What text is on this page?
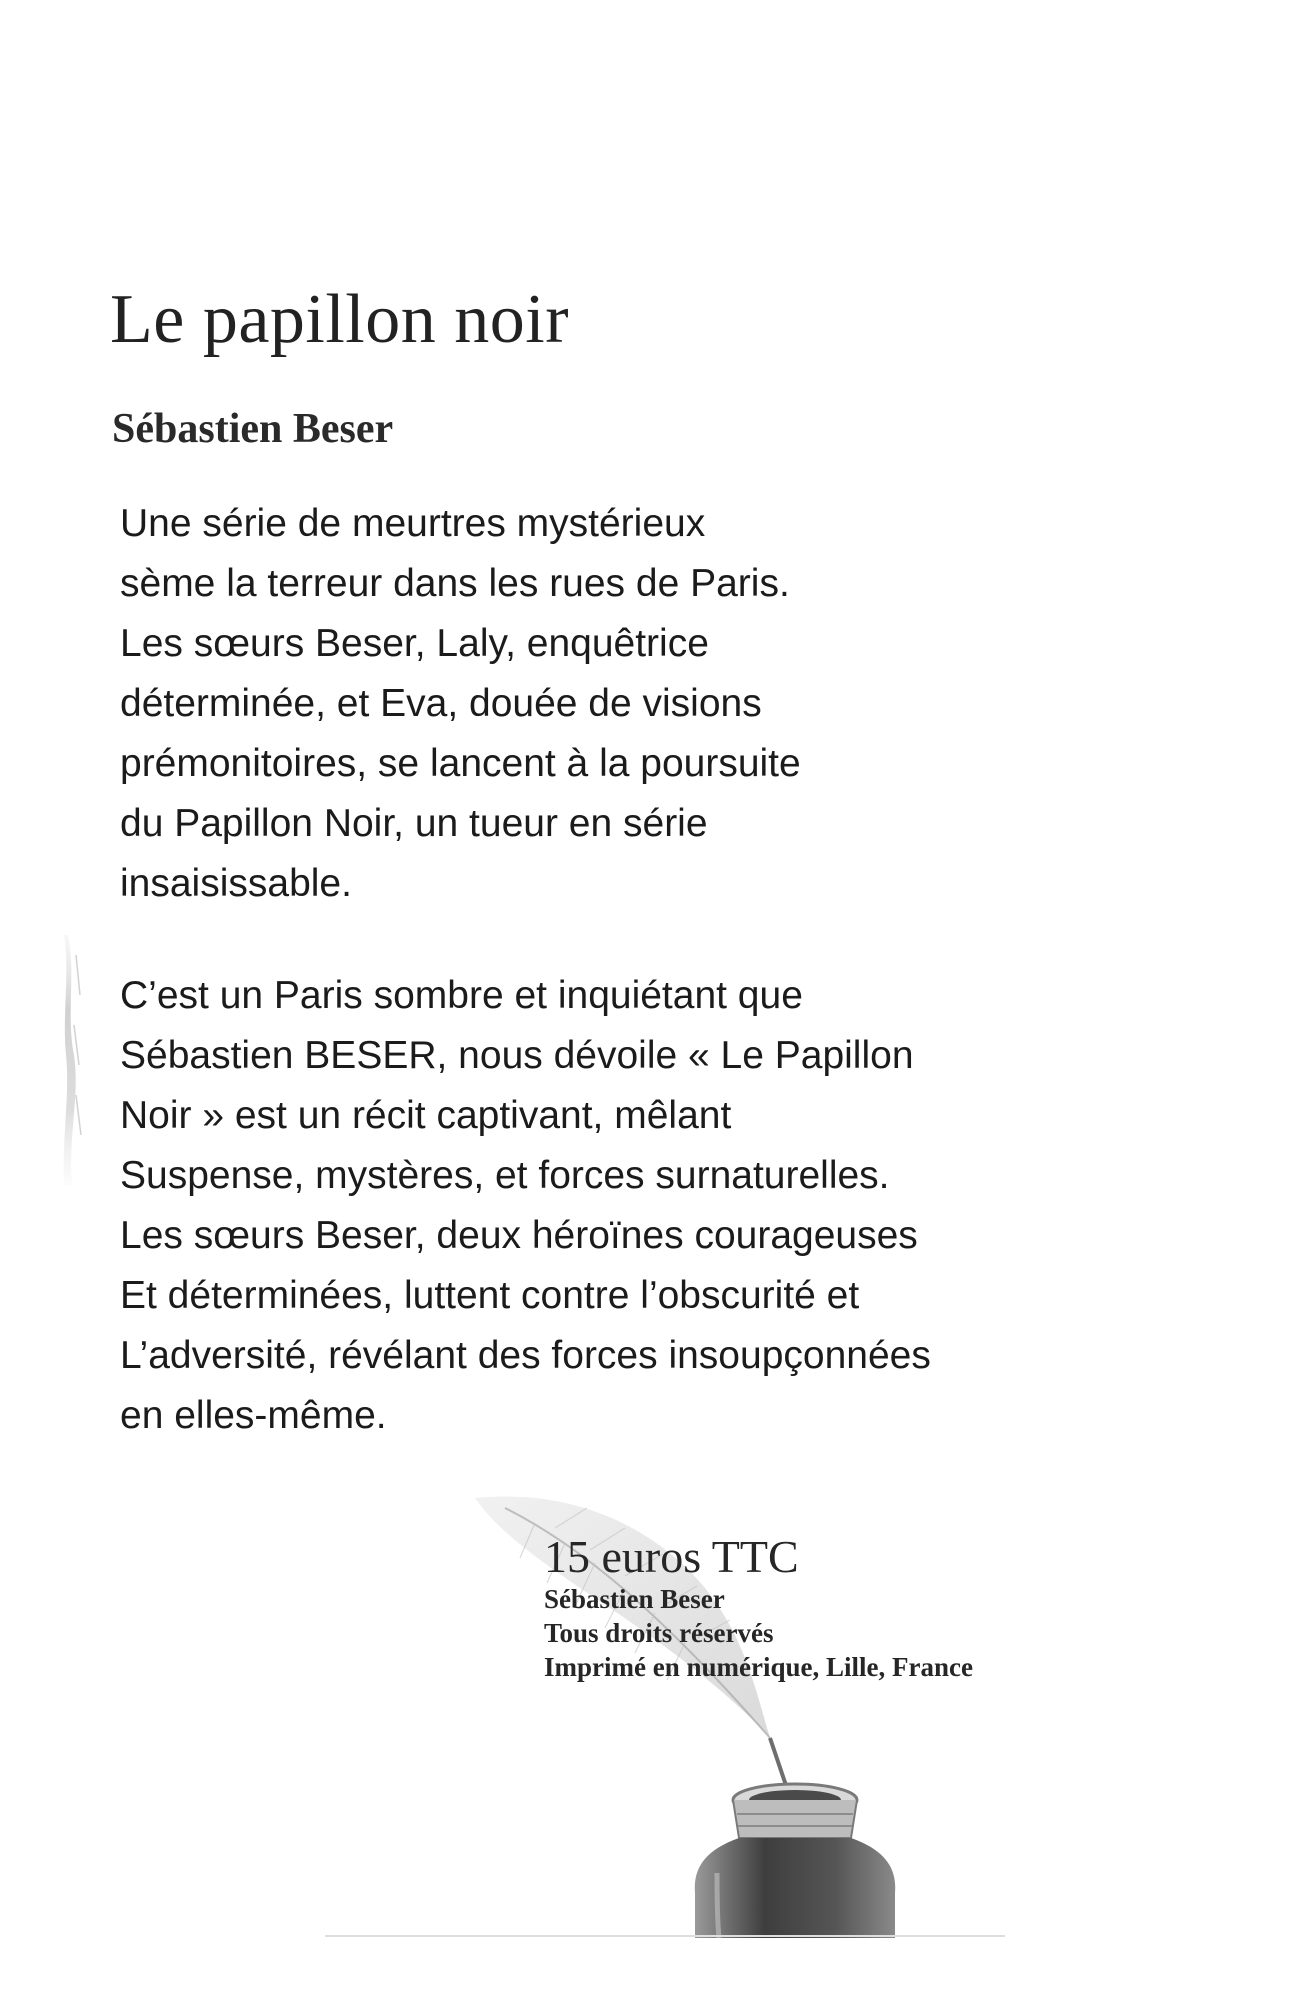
Le papillon noir
Sébastien Beser
Une série de meurtres mystérieux
sème la terreur dans les rues de Paris.
Les sœurs Beser, Laly, enquêtrice
déterminée, et Eva, douée de visions
prémonitoires, se lancent à la poursuite
du Papillon Noir, un tueur en série
insaisissable.
C’est un Paris sombre et inquiétant que
Sébastien BESER, nous dévoile « Le Papillon
Noir » est un récit captivant, mêlant
Suspense, mystères, et forces surnaturelles.
Les sœurs Beser, deux héroïnes courageuses
Et déterminées, luttent contre l’obscurité et
L’adversité, révélant des forces insoupçonnées
en elles-même.
15 euros TTC
Sébastien Beser
Tous droits réservés
Imprimé en numérique, Lille, France
